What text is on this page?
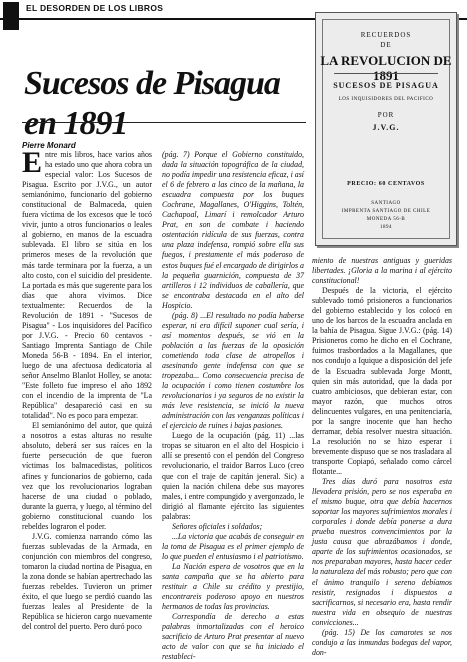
EL DESORDEN DE LOS LIBROS
Sucesos de Pisagua en 1891
Pierre Monard

Entre mis libros, hace varios años ha estado uno que ahora cobra un especial valor: Los Sucesos de Pisagua. Escrito por J.V.G., un autor semianónimo, funcionario del gobierno constitucional de Balmaceda, quien fuera víctima de los excesos que le tocó vivir, junto a otros funcionarios o leales al gobierno, en manos de la escuadra sublevada. El libro se sitúa en los primeros meses de la revolución que más tarde terminara por la fuerza, a un alto costo, con el suicidio del presidente. La portada es más que sugerente para los días que ahora vivimos. Dice textualmente: Recuerdos de la Revolución de 1891 - "Sucesos de Pisagua" - Los inquisidores del Pacífico por J.V.G. - Precio 60 centavos - Santiago Imprenta Santiago de Chile Moneda 56-B - 1894. En el interior, luego de una afectuosa dedicatoria al señor Anselmo Blanlot Holley, se anota: "Este folleto fue impreso el año 1892 con el incendio de la imprenta de "La República" desapareció casi en su totalidad". No es poco para empezar.

El semianónimo del autor, que quizá a nosotros a estas alturas no resulte absoluto, deberá ser sus raíces en la fuerte persecución de que fueron víctimas los balmacedistas, políticos afines y funcionarios de gobierno, cada vez que los revolucionarios lograban hacerse de una ciudad o poblado, durante la guerra, y luego, al término del gobierno constitucional cuando los rebeldes lograron el poder.

J.V.G. comienza narrando cómo las fuerzas sublevadas de la Armada, en conjunción con miembros del congreso, tomaron la ciudad nortina de Pisagua, en la zona donde se habían apertrechado las fuerzas rebeldes. Tuvieron un primer éxito, el que luego se perdió cuando las fuerzas leales al Presidente de la República se hicieron cargo nuevamente del control del puerto. Pero duró poco

(pág. 7) Porque el Gobierno constituido, dada la situación topográfica de la ciudad, no podía impedir una resistencia eficaz, i así el 6 de febrero a las cinco de la mañana, la escuadra compuesta por los buques Cochrane, Magallanes, O'Higgins, Toltén, Cachapoal, Limarí i remolcador Arturo Prat, en son de combate i haciendo ostentación ridícula de sus fuerzas, contra una plaza indefensa, rompió sobre ella sus fuegos, i prestamente el más poderoso de estos buques fué el encargado de dirigirlos a la pequeña guarnición, compuesta de 37 artilleros i 12 individuos de caballería, que se encontraba destacada en el alto del Hospicio.

(pág. 8) ...El resultado no podía haberse esperar, ni era difícil suponer cual sería, i así momentos después, se vió en la población a las fuerzas de la oposición cometiendo toda clase de atropellos i asesinando gente indefensa con que se tropezaba... Como consecuencia precisa de la ocupación i como tienen costumbre los revolucionarios i ya seguros de no existir la más leve resistencia, se inició la nueva administración con las venganzas políticas i el ejercicio de ruines i bajas pasiones.

Luego de la ocupación (pág. 11) ...las tropas se situaron en el alto del Hospicio i allí se presentó con el pendón del Congreso revolucionario, el traidor Barros Luco (creo que con el traje de capitán jeneral. Sic) a quien la nación chilena debe sus mayores males, i entre compungido y avergonzado, le dirigió al flamante ejército las siguientes palabras:

Señores oficiales i soldados;

...La victoria que acabás de conseguir en la toma de Pisagua es el primer ejemplo de lo que pueden el entusiasmo i el patriotismo.

La Nación espera de vosotros que en la santa campaña que se ha abierto para restituir a Chile su crédito y prestijio, encontrareis poderoso apoyo en nuestros hermanos de todas las provincias.

Correspondía de derecho a estas palabras inmortalizadas con el heroico sacrificio de Arturo Prat presentar al nuevo acto de valor con que se ha iniciado el restableci-

RECUERDOS
DE
LA REVOLUCION DE 1891
SUCESOS DE PISAGUA
LOS INQUISIDORES DEL PACIFICO
POR
J.V.G.
PRECIO: 60 CENTAVOS
SANTIAGO
IMPRENTA SANTIAGO DE CHILE
MONEDA 56-B
1894

miento de nuestras antiguas y gueridas libertades. ¡Gloria a la marina i al ejército constitucional!

Después de la victoria, el ejército sublevado tomó prisioneros a funcionarios del gobierno establecido y los colocó en uno de los barcos de la escuadra anclada en la bahía de Pisagua. Sigue J.V.G.: (pág. 14) Prisioneros como he dicho en el Cochrane, fuimos trasbordados a la Magallanes, que nos condujo a Iquique a disposición del jefe de la Escuadra sublevada Jorge Montt, quien sin más autoridad, que la dada por cuatro ambiciosos, que debieran estar, con mayor razón, que muchos otros delincuentes vulgares, en una penitenciaría, por la sangre inocente que han hecho derramar, debía resolver nuestra situación. La resolución no se hizo esperar i brevemente dispuso que se nos trasladara al transporte Copiapó, señalado como cárcel flotante...

Tres días duró para nosotros esta llevadera prisión, pero se nos esperaba en el mismo buque, otra que debía hacernos soportar los mayores sufrimientos morales i corporales i donde debía ponerse a dura prueba nuestros convencimientos por la justa causa que abrazábamos i donde, aparte de los sufrimientos ocasionados, se nos preparaban mayores, hasta hacer ceder la naturaleza del más robusto; pero que con el ánimo tranquilo i sereno debíamos resistir, resignados i dispuestos a sacrificarnos, si necesario era, hasta rendir nuestra vida en obsequio de nuestras convicciones...

(pág. 15) De los camarotes se nos condujo a las inmundas bodegas del vapor, don-
